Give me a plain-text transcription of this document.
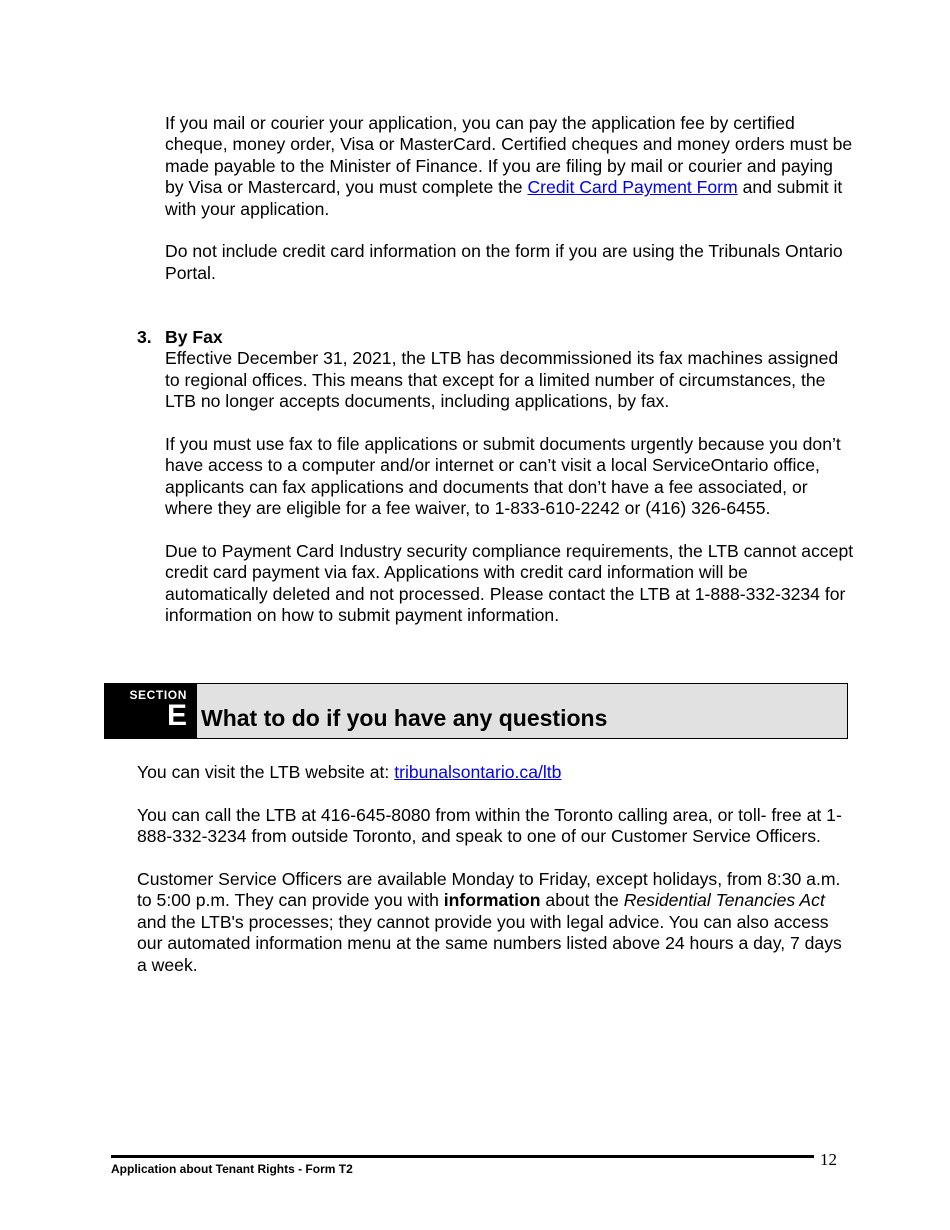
If you mail or courier your application, you can pay the application fee by certified cheque, money order, Visa or MasterCard. Certified cheques and money orders must be made payable to the Minister of Finance. If you are filing by mail or courier and paying by Visa or Mastercard, you must complete the Credit Card Payment Form and submit it with your application.

Do not include credit card information on the form if you are using the Tribunals Ontario Portal.

3. By Fax

Effective December 31, 2021, the LTB has decommissioned its fax machines assigned to regional offices. This means that except for a limited number of circumstances, the LTB no longer accepts documents, including applications, by fax.

If you must use fax to file applications or submit documents urgently because you don’t have access to a computer and/or internet or can’t visit a local ServiceOntario office, applicants can fax applications and documents that don’t have a fee associated, or where they are eligible for a fee waiver, to 1-833-610-2242 or (416) 326-6455.

Due to Payment Card Industry security compliance requirements, the LTB cannot accept credit card payment via fax. Applications with credit card information will be automatically deleted and not processed. Please contact the LTB at 1-888-332-3234 for information on how to submit payment information.

SECTION
E What to do if you have any questions

You can visit the LTB website at: tribunalsontario.ca/ltb

You can call the LTB at 416-645-8080 from within the Toronto calling area, or toll- free at 1-888-332-3234 from outside Toronto, and speak to one of our Customer Service Officers.

Customer Service Officers are available Monday to Friday, except holidays, from 8:30 a.m. to 5:00 p.m. They can provide you with information about the Residential Tenancies Act and the LTB's processes; they cannot provide you with legal advice. You can also access our automated information menu at the same numbers listed above 24 hours a day, 7 days a week.

Application about Tenant Rights - Form T2	12
